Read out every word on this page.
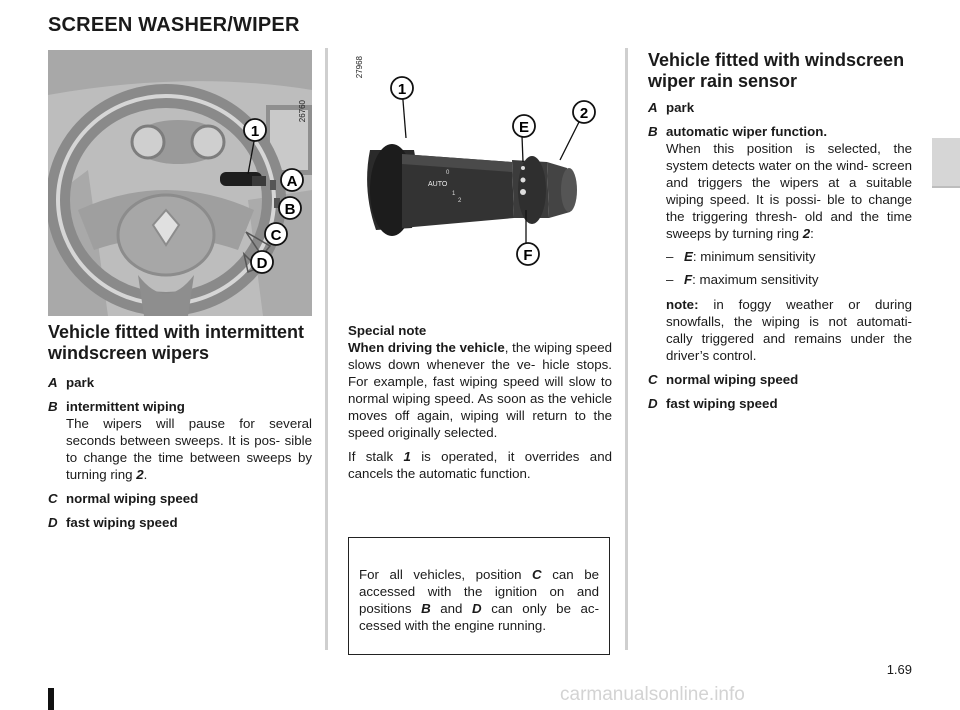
SCREEN WASHER/WIPER
1
A
B
C
D
26760
27968
AUTO
1
2
0
1
2
E
F
Vehicle fitted with intermittent windscreen wipers
A park
B intermittent wiping
The wipers will pause for several seconds between sweeps. It is pos- sible to change the time between sweeps by turning ring 2.
C normal wiping speed
D fast wiping speed
Special note
When driving the vehicle, the wiping speed slows down whenever the ve- hicle stops. For example, fast wiping speed will slow to normal wiping speed. As soon as the vehicle moves off again, wiping will return to the speed originally selected.
If stalk 1 is operated, it overrides and cancels the automatic function.
For all vehicles, position C can be accessed with the ignition on and positions B and D can only be ac- cessed with the engine running.
Vehicle fitted with windscreen wiper rain sensor
A park
B automatic wiper function.
When this position is selected, the system detects water on the wind- screen and triggers the wipers at a suitable wiping speed. It is possi- ble to change the triggering thresh- old and the time sweeps by turning ring 2:
– E: minimum sensitivity
– F: maximum sensitivity
note: in foggy weather or during snowfalls, the wiping is not automati- cally triggered and remains under the driver’s control.
C normal wiping speed
D fast wiping speed
1.69
carmanualsonline.info
